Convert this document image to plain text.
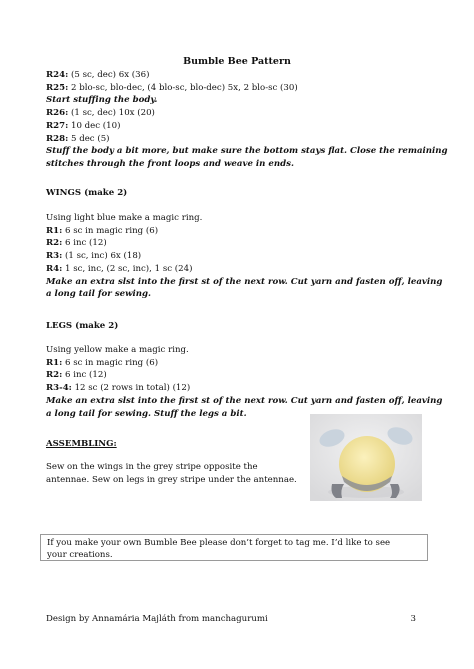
Bumble Bee Pattern
R24: (5 sc, dec) 6x (36)
R25: 2 blo-sc, blo-dec, (4 blo-sc, blo-dec) 5x, 2 blo-sc (30)
Start stuffing the body.
R26: (1 sc, dec) 10x (20)
R27: 10 dec (10)
R28: 5 dec (5)
Stuff the body a bit more, but make sure the bottom stays flat. Close the remaining
stitches through the front loops and weave in ends.
WINGS (make 2)
Using light blue make a magic ring.
R1: 6 sc in magic ring (6)
R2: 6 inc (12)
R3: (1 sc, inc) 6x (18)
R4: 1 sc, inc, (2 sc, inc), 1 sc (24)
Make an extra slst into the first st of the next row. Cut yarn and fasten off, leaving
a long tail for sewing.
LEGS (make 2)
Using yellow make a magic ring.
R1: 6 sc in magic ring (6)
R2: 6 inc (12)
R3-4: 12 sc (2 rows in total) (12)
Make an extra slst into the first st of the next row. Cut yarn and fasten off, leaving
a long tail for sewing. Stuff the legs a bit.
ASSEMBLING:
Sew on the wings in the grey stripe opposite the
antennae. Sew on legs in grey stripe under the antennae.
If you make your own Bumble Bee please don’t forget to tag me. I’d like to see
your creations.
Design by Annamária Majláth from manchagurumi	3
